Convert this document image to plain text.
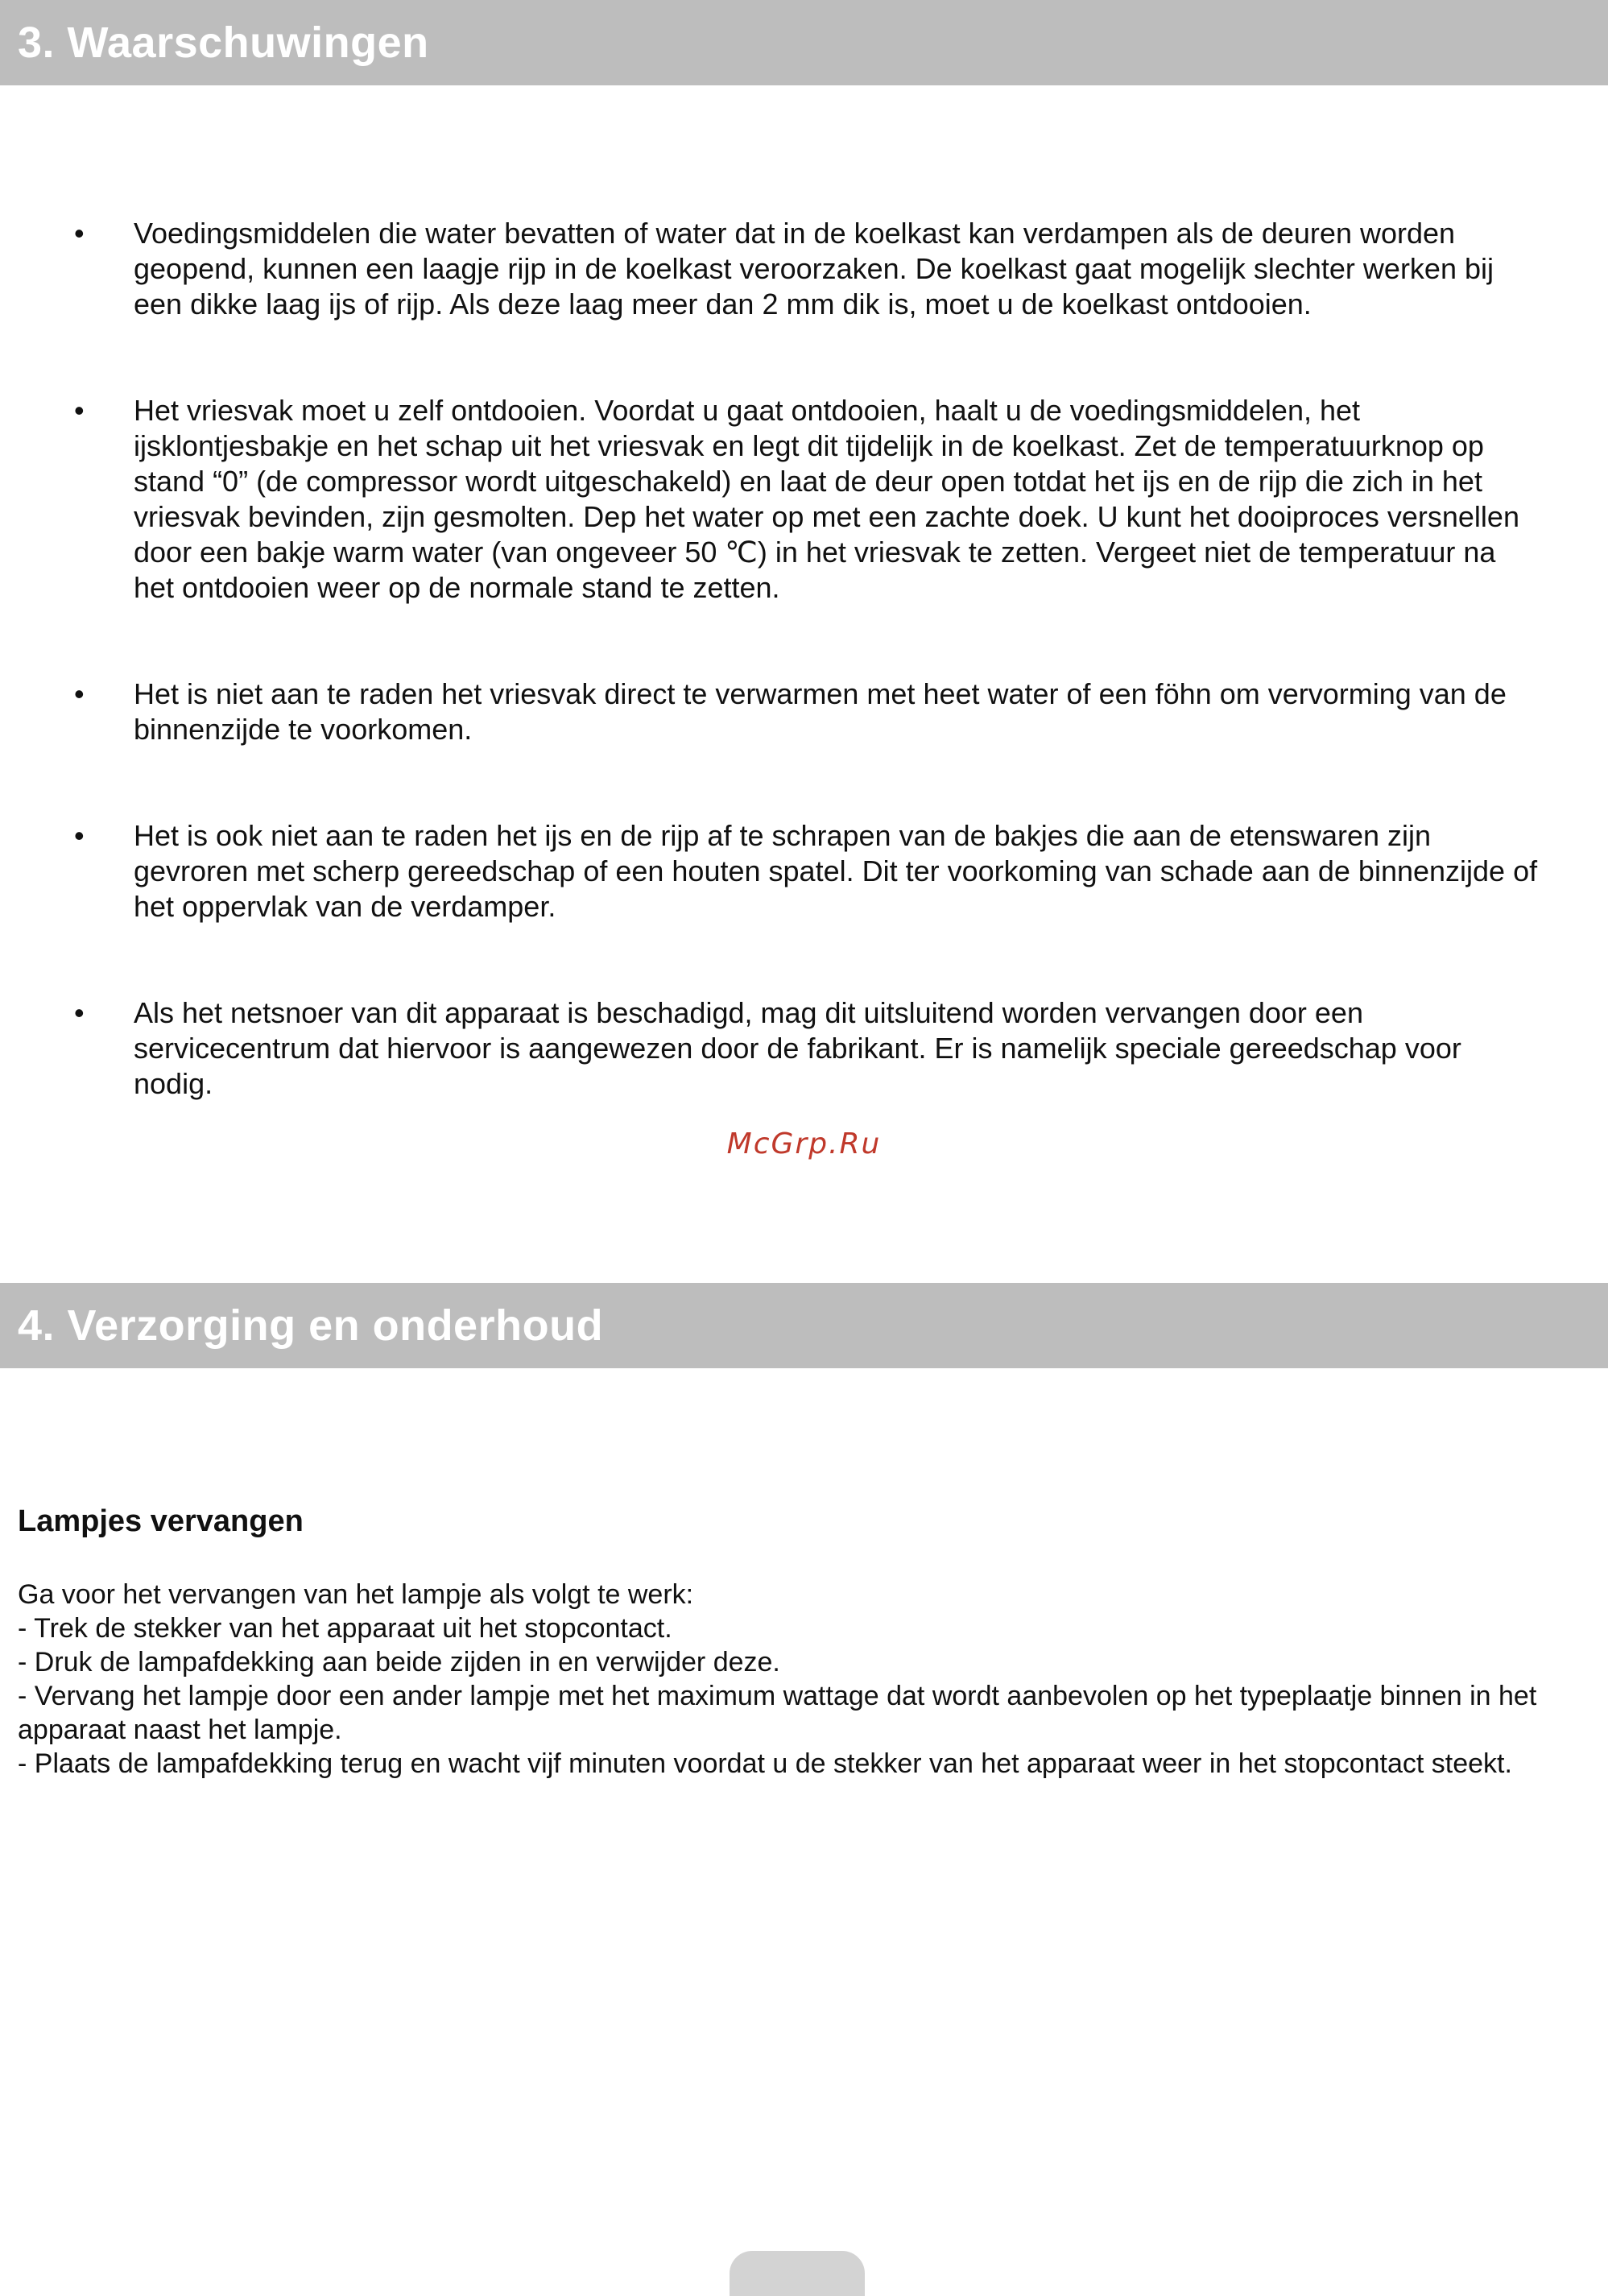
3. Waarschuwingen
• Voedingsmiddelen die water bevatten of water dat in de koelkast kan verdampen als de deuren worden geopend, kunnen een laagje rijp in de koelkast veroorzaken. De koelkast gaat mogelijk slechter werken bij een dikke laag ijs of rijp. Als deze laag meer dan 2 mm dik is, moet u de koelkast ontdooien.
• Het vriesvak moet u zelf ontdooien. Voordat u gaat ontdooien, haalt u de voedingsmiddelen, het ijsklontjesbakje en het schap uit het vriesvak en legt dit tijdelijk in de koelkast. Zet de temperatuurknop op stand “0” (de compressor wordt uitgeschakeld) en laat de deur open totdat het ijs en de rijp die zich in het vriesvak bevinden, zijn gesmolten. Dep het water op met een zachte doek. U kunt het dooiproces versnellen door een bakje warm water (van ongeveer 50 ℃) in het vriesvak te zetten. Vergeet niet de temperatuur na het ontdooien weer op de normale stand te zetten.
• Het is niet aan te raden het vriesvak direct te verwarmen met heet water of een föhn om vervorming van de binnenzijde te voorkomen.
• Het is ook niet aan te raden het ijs en de rijp af te schrapen van de bakjes die aan de etenswaren zijn gevroren met scherp gereedschap of een houten spatel. Dit ter voorkoming van schade aan de binnenzijde of het oppervlak van de verdamper.
• Als het netsnoer van dit apparaat is beschadigd, mag dit uitsluitend worden vervangen door een servicecentrum dat hiervoor is aangewezen door de fabrikant. Er is namelijk speciale gereedschap voor nodig.
McGrp.Ru
4. Verzorging en onderhoud
Lampjes vervangen

Ga voor het vervangen van het lampje als volgt te werk:

- Trek de stekker van het apparaat uit het stopcontact.
- Druk de lampafdekking aan beide zijden in en verwijder deze.
- Vervang het lampje door een ander lampje met het maximum wattage dat wordt aanbevolen op het typeplaatje binnen in het apparaat naast het lampje.
- Plaats de lampafdekking terug en wacht vijf minuten voordat u de stekker van het apparaat weer in het stopcontact steekt.
